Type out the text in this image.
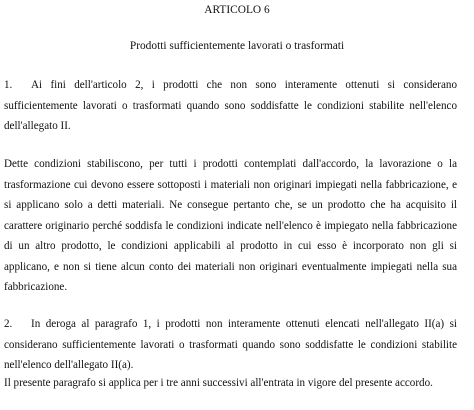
ARTICOLO 6
Prodotti sufficientemente lavorati o trasformati

1. Ai fini dell'articolo 2, i prodotti che non sono interamente ottenuti si considerano sufficientemente lavorati o trasformati quando sono soddisfatte le condizioni stabilite nell'elenco dell'allegato II.

Dette condizioni stabiliscono, per tutti i prodotti contemplati dall'accordo, la lavorazione o la trasformazione cui devono essere sottoposti i materiali non originari impiegati nella fabbricazione, e si applicano solo a detti materiali. Ne consegue pertanto che, se un prodotto che ha acquisito il carattere originario perché soddisfa le condizioni indicate nell'elenco è impiegato nella fabbricazione di un altro prodotto, le condizioni applicabili al prodotto in cui esso è incorporato non gli si applicano, e non si tiene alcun conto dei materiali non originari eventualmente impiegati nella sua fabbricazione.

2. In deroga al paragrafo 1, i prodotti non interamente ottenuti elencati nell'allegato II(a) si considerano sufficientemente lavorati o trasformati quando sono soddisfatte le condizioni stabilite nell'elenco dell'allegato II(a).

Il presente paragrafo si applica per i tre anni successivi all'entrata in vigore del presente accordo.
